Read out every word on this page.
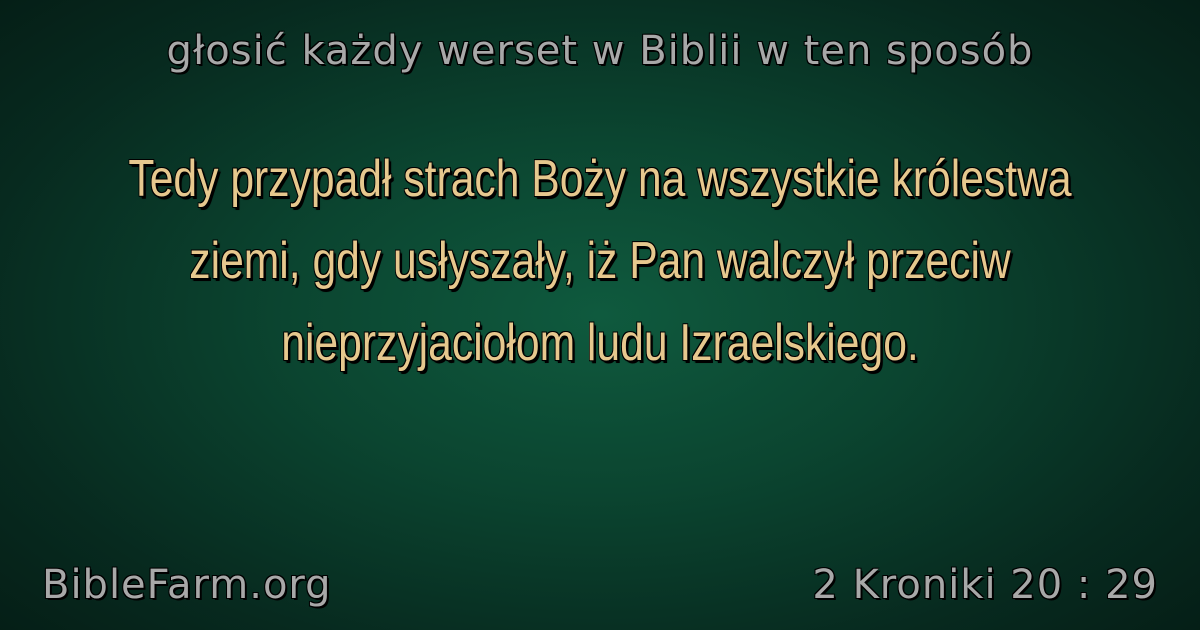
głosić każdy werset w Biblii w ten sposób
Tedy przypadł strach Boży na wszystkie królestwa ziemi, gdy usłyszały, iż Pan walczył przeciw nieprzyjaciołom ludu Izraelskiego.
BibleFarm.org	2 Kroniki 20 : 29
